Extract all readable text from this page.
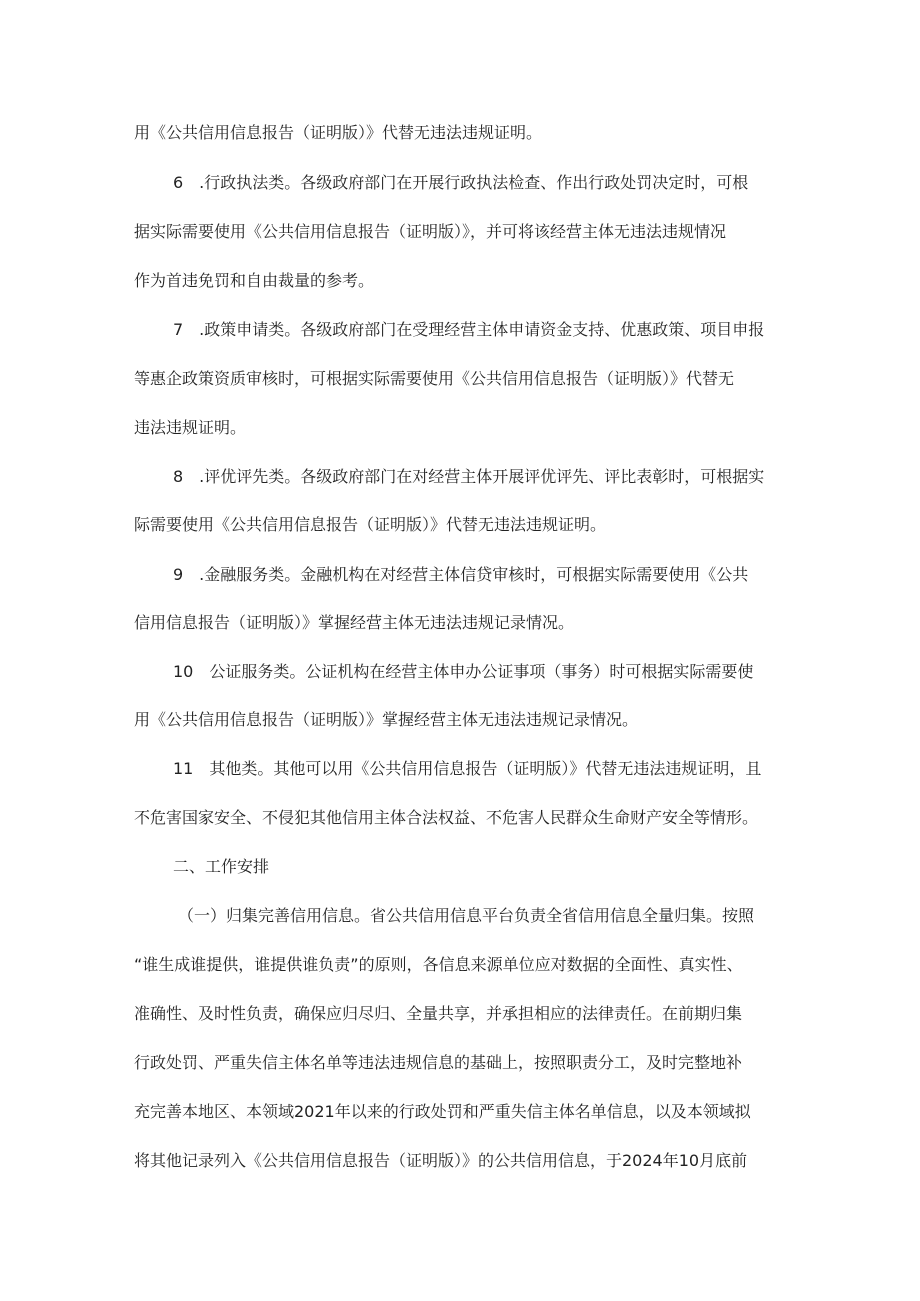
用《公共信用信息报告（证明版）》代替无违法违规证明。
6　.行政执法类。各级政府部门在开展行政执法检查、作出行政处罚决定时，可根
据实际需要使用《公共信用信息报告（证明版）》，并可将该经营主体无违法违规情况
作为首违免罚和自由裁量的参考。
7　.政策申请类。各级政府部门在受理经营主体申请资金支持、优惠政策、项目申报
等惠企政策资质审核时，可根据实际需要使用《公共信用信息报告（证明版）》代替无
违法违规证明。
8　.评优评先类。各级政府部门在对经营主体开展评优评先、评比表彰时，可根据实
际需要使用《公共信用信息报告（证明版）》代替无违法违规证明。
9　.金融服务类。金融机构在对经营主体信贷审核时，可根据实际需要使用《公共
信用信息报告（证明版）》掌握经营主体无违法违规记录情况。
10　公证服务类。公证机构在经营主体申办公证事项（事务）时可根据实际需要使
用《公共信用信息报告（证明版）》掌握经营主体无违法违规记录情况。
11　其他类。其他可以用《公共信用信息报告（证明版）》代替无违法违规证明，且
不危害国家安全、不侵犯其他信用主体合法权益、不危害人民群众生命财产安全等情形。
二、工作安排
（一）归集完善信用信息。省公共信用信息平台负责全省信用信息全量归集。按照
“谁生成谁提供，谁提供谁负责”的原则，各信息来源单位应对数据的全面性、真实性、
准确性、及时性负责，确保应归尽归、全量共享，并承担相应的法律责任。在前期归集
行政处罚、严重失信主体名单等违法违规信息的基础上，按照职责分工，及时完整地补
充完善本地区、本领域2021年以来的行政处罚和严重失信主体名单信息，以及本领域拟
将其他记录列入《公共信用信息报告（证明版）》的公共信用信息，于2024年10月底前
